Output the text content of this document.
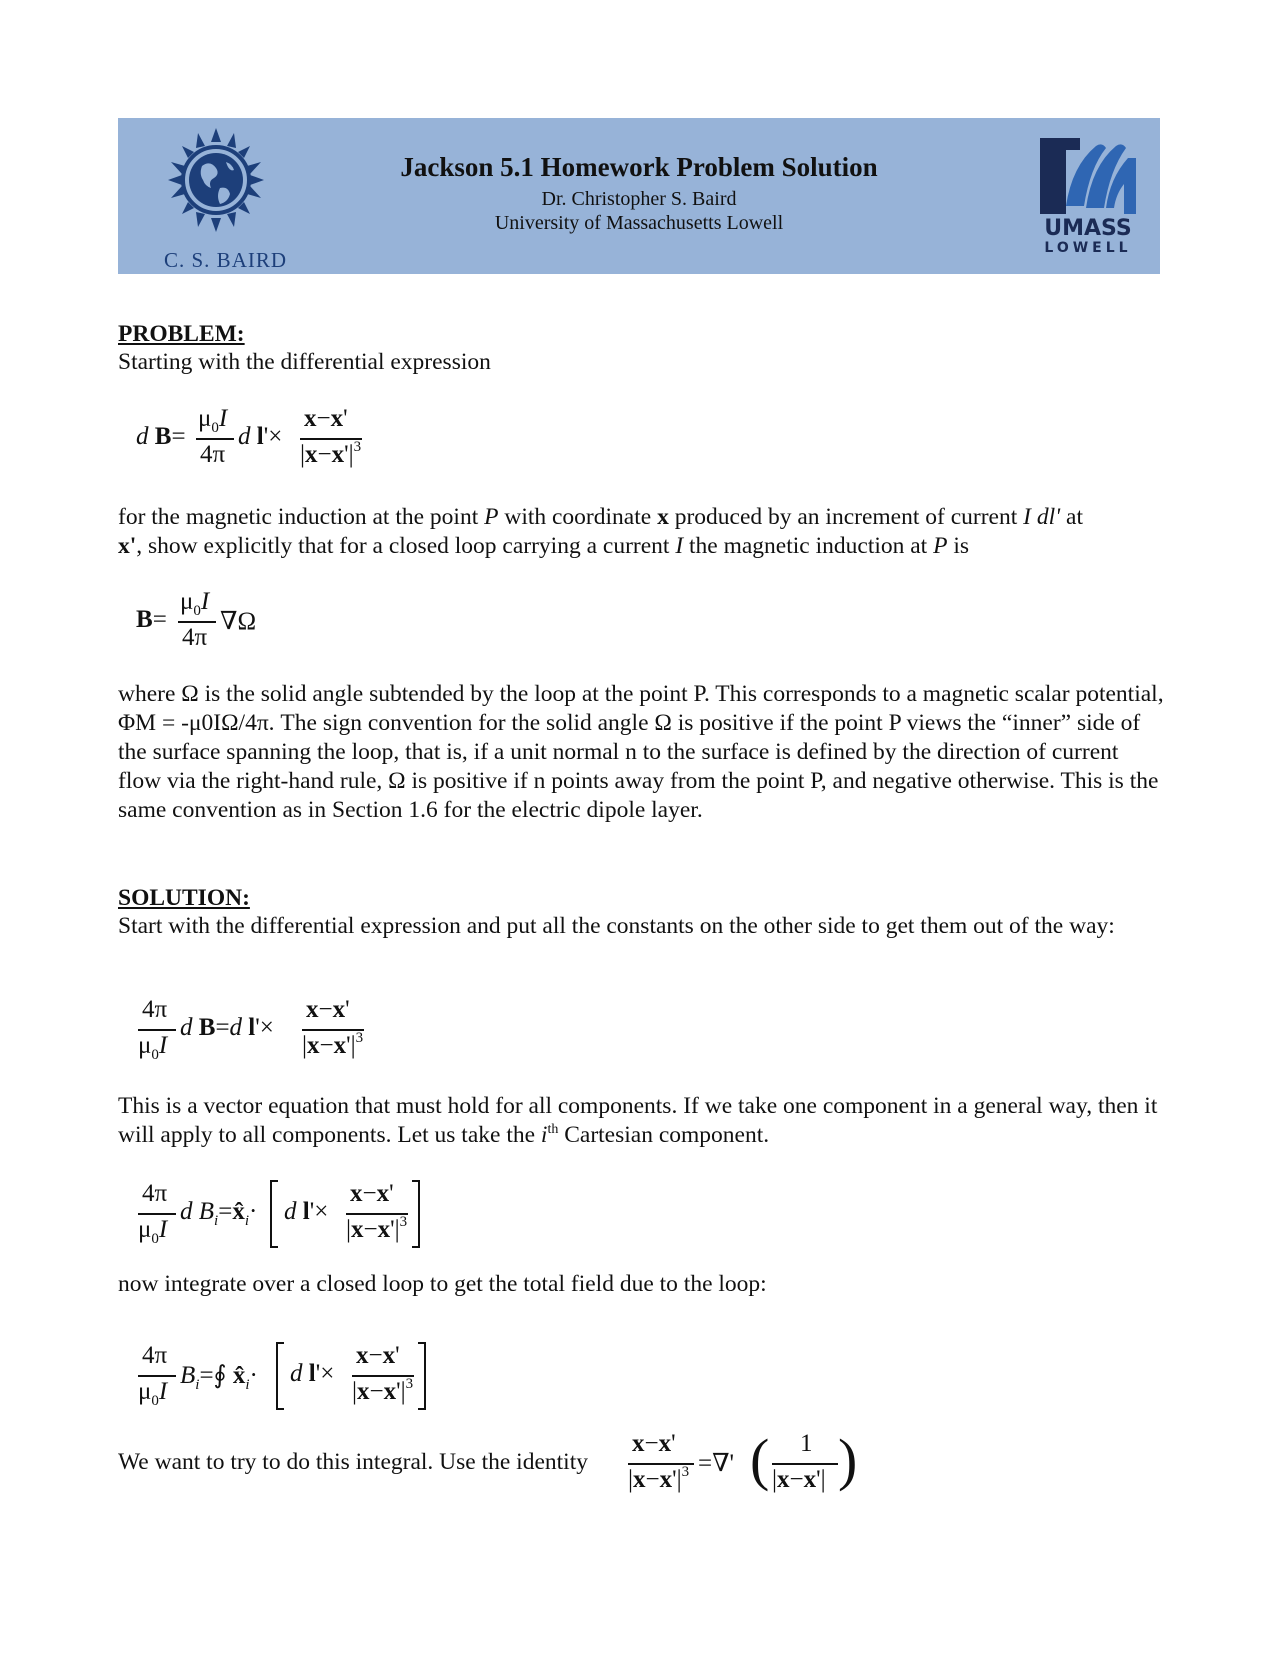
C. S. BAIRD
Jackson 5.1 Homework Problem Solution
Dr. Christopher S. Baird
University of Massachusetts Lowell	UMASS
LOWELL
PROBLEM:
Starting with the differential expression
d B=
$\mu_0I$
4π
d l'×
x−x'
$|x-x'|^3$
for the magnetic induction at the point P with coordinate x produced by an increment of current I dl' at
x', show explicitly that for a closed loop carrying a current I the magnetic induction at P is
B=
$\mu_0I$
4π
∇Ω
where Ω is the solid angle subtended by the loop at the point P. This corresponds to a magnetic scalar potential, ΦM = -μ0IΩ/4π. The sign convention for the solid angle Ω is positive if the point P views the “inner” side of the surface spanning the loop, that is, if a unit normal n to the surface is defined by the direction of current flow via the right-hand rule, Ω is positive if n points away from the point P, and negative otherwise. This is the same convention as in Section 1.6 for the electric dipole layer.
SOLUTION:
Start with the differential expression and put all the constants on the other side to get them out of the way:
4π
$\mu_0I$
d B=d l'×
x−x'
$|x-x'|^3$
This is a vector equation that must hold for all components. If we take one component in a general way, then it will apply to all components. Let us take the $i^{th}$ Cartesian component.
4π
$\mu_0I$
d $B_i=x̂_i\cdot d$ l'×
x−x'
$|x-x'|^3$
now integrate over a closed loop to get the total field due to the loop:
4π
$\mu_0I$
$B_i=∮$ $x̂_i\cdot d$ l'×
x−x'
$|x-x'|^3$
We want to try to do this integral. Use the identity
x−x'
$|x-x'|^3$ =∇' ( 1
|x−x'| )
